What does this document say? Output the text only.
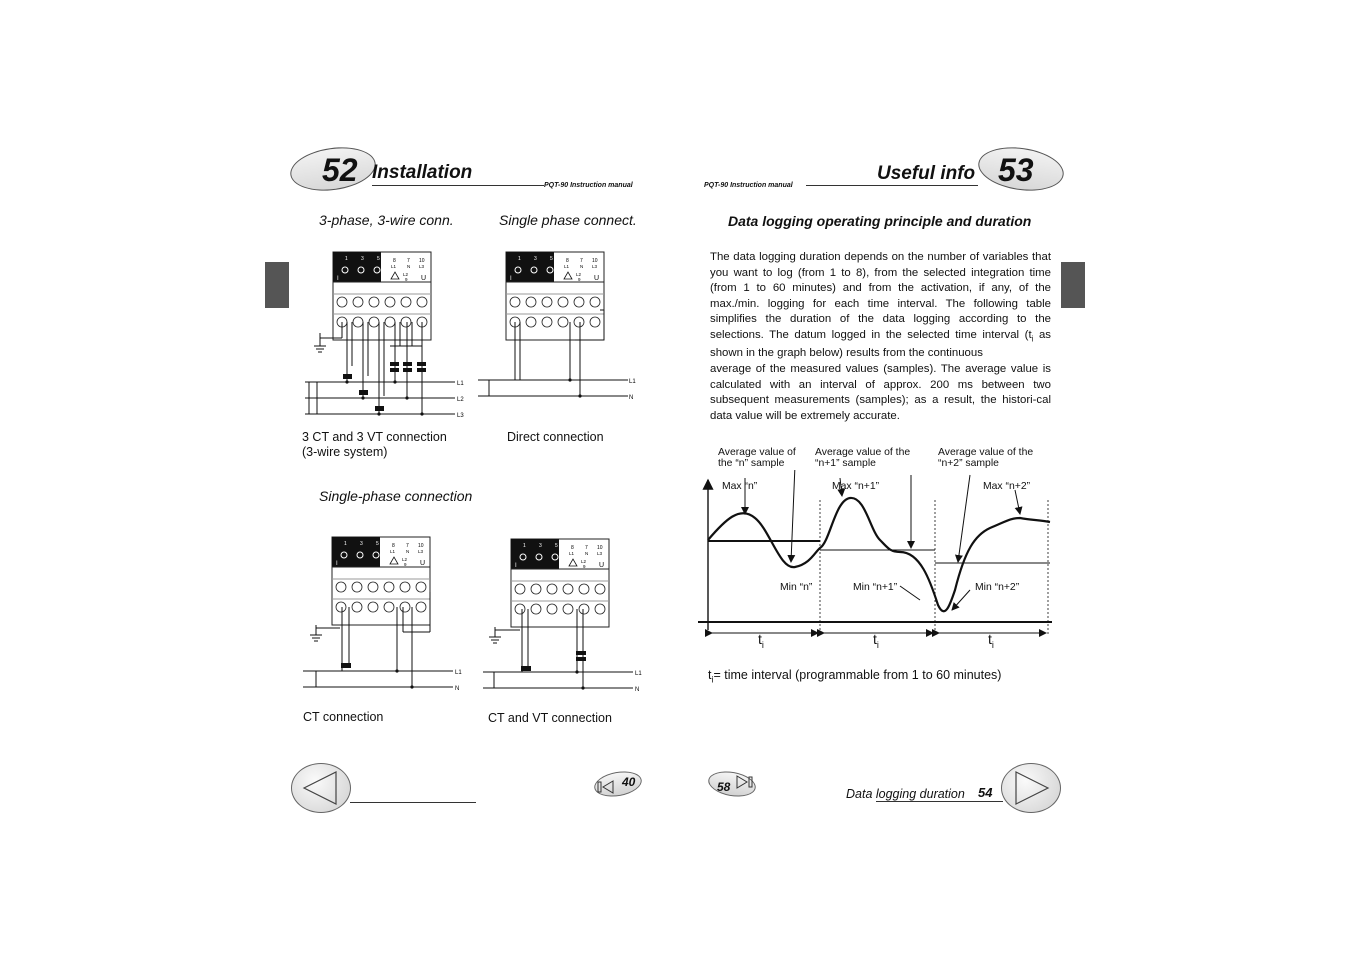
52 Installation
PQT-90 Instruction manual	PQT-90 Instruction manual
Useful info 53
3-phase, 3-wire conn.	Single phase connect.
Single-phase connection
8	7	10
L1	N	L3
L2
9	U
1	3	5
I
L1
L2
L3
L1
N
L1
N
L1
N
3 CT and 3 VT connection
(3-wire system)
Direct connection
CT connection	CT and VT connection
Data logging operating principle and duration
The data logging duration depends on the number of variables that you want to log (from 1 to 8), from the selected integration time (from 1 to 60 minutes) and from the activation, if any, of the max./min. logging for each time interval. The following table simplifies the duration of the data logging according to the selections. The datum logged in the selected time interval ($t_i$ as shown in the graph below) results from the continuous
average of the measured values (samples). The average value is calculated with an interval of approx. 200 ms between two subsequent measurements (samples); as a result, the histori-cal data value will be extremely accurate.
Average value of
the “n” sample
Average value of the
“n+1” sample
Average value of the
“n+2” sample
Max “n”	Max “n+1”	Max “n+2”
Min “n”	Min “n+1”	Min “n+2”
$t_i$	$t_i$	$t_i$
$t_i=$ time interval (programmable from 1 to 60 minutes)
40	58	Data logging duration 54
